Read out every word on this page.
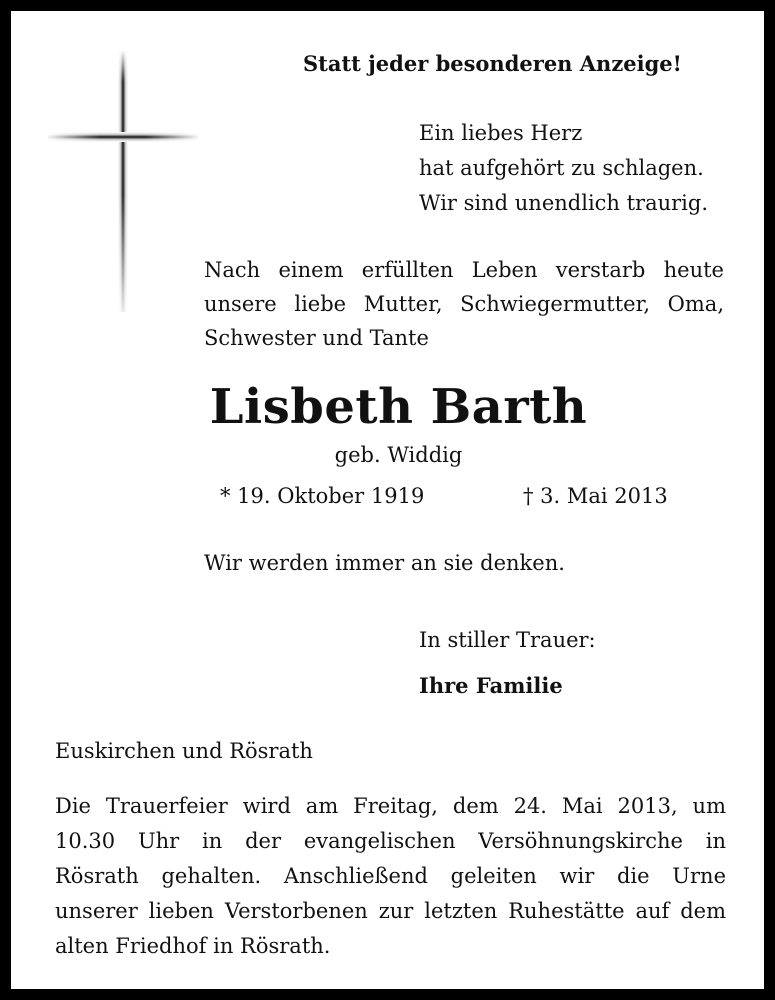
Statt jeder besonderen Anzeige!
Ein liebes Herz
hat aufgehört zu schlagen.
Wir sind unendlich traurig.
Nach einem erfüllten Leben verstarb heute
unsere liebe Mutter, Schwiegermutter, Oma,
Schwester und Tante
Lisbeth Barth
geb. Widdig
* 19. Oktober 1919	† 3. Mai 2013
Wir werden immer an sie denken.
In stiller Trauer:
Ihre Familie
Euskirchen und Rösrath
Die Trauerfeier wird am Freitag, dem 24. Mai 2013, um
10.30 Uhr in der evangelischen Versöhnungskirche in
Rösrath gehalten. Anschließend geleiten wir die Urne
unserer lieben Verstorbenen zur letzten Ruhestätte auf dem
alten Friedhof in Rösrath.
